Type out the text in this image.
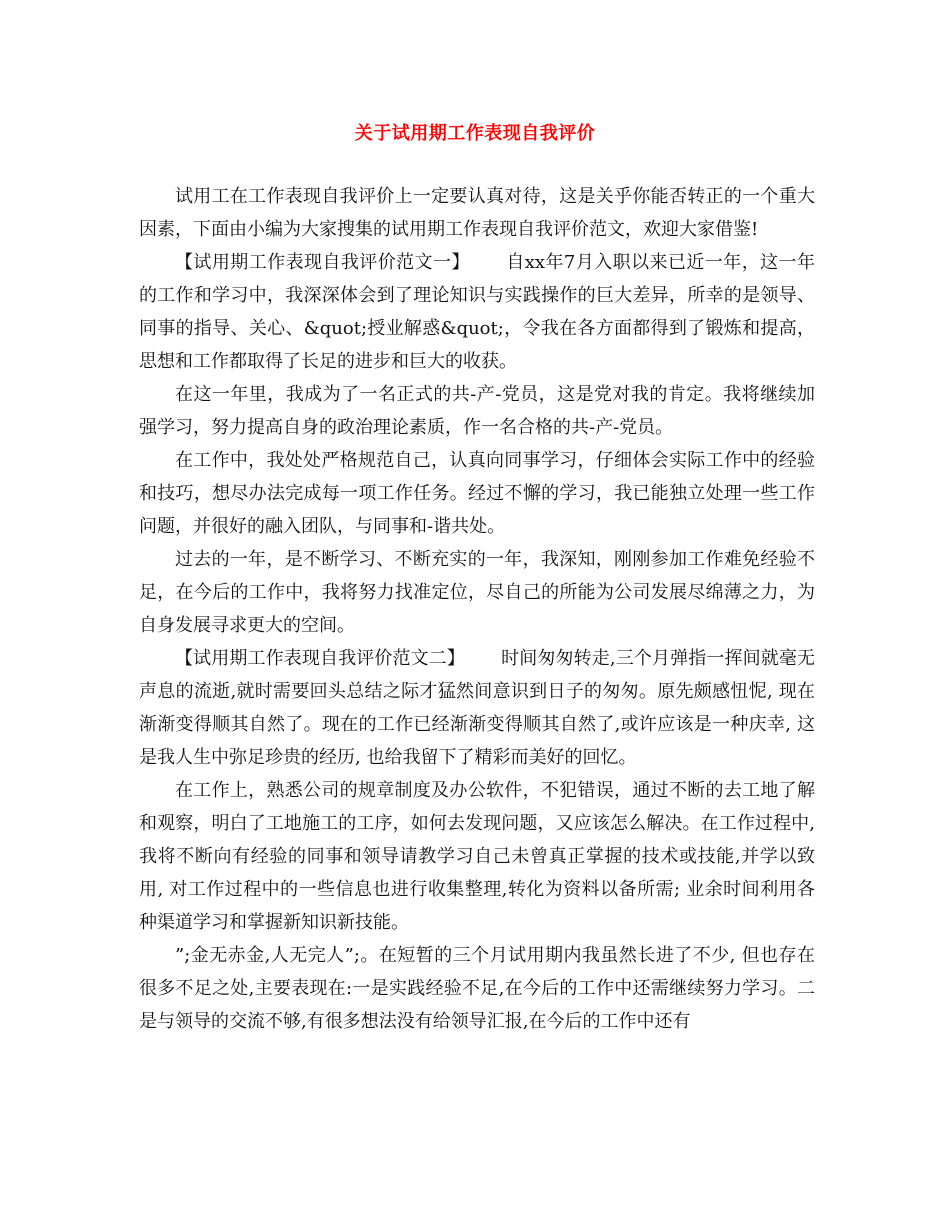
关于试用期工作表现自我评价

试用工在工作表现自我评价上一定要认真对待，这是关乎你能否转正的一个重大因素，下面由小编为大家搜集的试用期工作表现自我评价范文，欢迎大家借鉴!

【试用期工作表现自我评价范文一】 自xx年7月入职以来已近一年，这一年的工作和学习中，我深深体会到了理论知识与实践操作的巨大差异，所幸的是领导、同事的指导、关心、&quot;授业解惑&quot;，令我在各方面都得到了锻炼和提高，思想和工作都取得了长足的进步和巨大的收获。

在这一年里，我成为了一名正式的共-产-党员，这是党对我的肯定。我将继续加强学习，努力提高自身的政治理论素质，作一名合格的共-产-党员。

在工作中，我处处严格规范自己，认真向同事学习，仔细体会实际工作中的经验和技巧，想尽办法完成每一项工作任务。经过不懈的学习，我已能独立处理一些工作问题，并很好的融入团队，与同事和-谐共处。

过去的一年，是不断学习、不断充实的一年，我深知，刚刚参加工作难免经验不足，在今后的工作中，我将努力找准定位，尽自己的所能为公司发展尽绵薄之力，为自身发展寻求更大的空间。

【试用期工作表现自我评价范文二】 时间匆匆转走,三个月弹指一挥间就毫无声息的流逝,就时需要回头总结之际才猛然间意识到日子的匆匆。原先颇感忸怩, 现在渐渐变得顺其自然了。现在的工作已经渐渐变得顺其自然了,或许应该是一种庆幸, 这是我人生中弥足珍贵的经历, 也给我留下了精彩而美好的回忆。

在工作上，熟悉公司的规章制度及办公软件，不犯错误，通过不断的去工地了解和观察，明白了工地施工的工序，如何去发现问题，又应该怎么解决。在工作过程中,我将不断向有经验的同事和领导请教学习自己未曾真正掌握的技术或技能,并学以致用, 对工作过程中的一些信息也进行收集整理,转化为资料以备所需; 业余时间利用各种渠道学习和掌握新知识新技能。

”;金无赤金,人无完人”;。在短暂的三个月试用期内我虽然长进了不少, 但也存在很多不足之处,主要表现在:一是实践经验不足,在今后的工作中还需继续努力学习。二是与领导的交流不够,有很多想法没有给领导汇报,在今后的工作中还有
